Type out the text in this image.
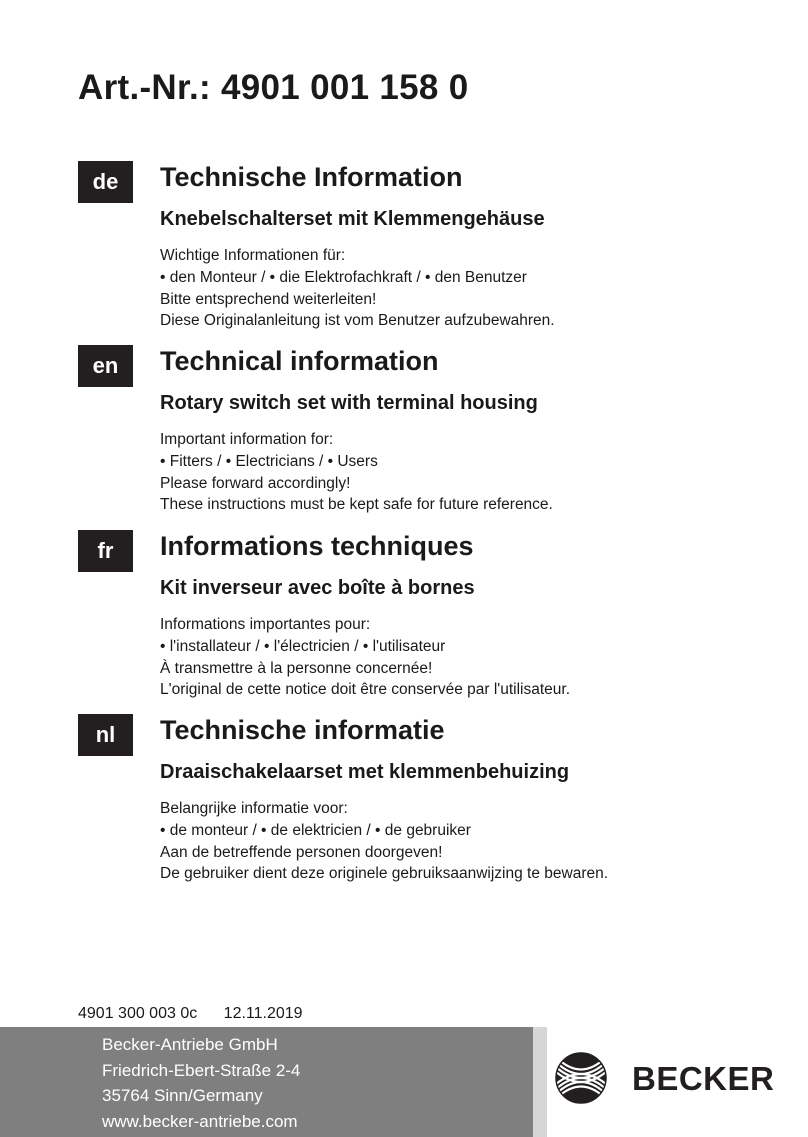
Art.-Nr.: 4901 001 158 0
de	Technische Information
Knebelschalterset mit Klemmengehäuse
Wichtige Informationen für:
• den Monteur / • die Elektrofachkraft / • den Benutzer
Bitte entsprechend weiterleiten!
Diese Originalanleitung ist vom Benutzer aufzubewahren.
en	Technical information
Rotary switch set with terminal housing
Important information for:
• Fitters / • Electricians / • Users
Please forward accordingly!
These instructions must be kept safe for future reference.
fr	Informations techniques
Kit inverseur avec boîte à bornes
Informations importantes pour:
• l'installateur / • l'électricien / • l'utilisateur
À transmettre à la personne concernée!
L'original de cette notice doit être conservée par l'utilisateur.
nl	Technische informatie
Draaischakelaarset met klemmenbehuizing
Belangrijke informatie voor:
• de monteur / • de elektricien / • de gebruiker
Aan de betreffende personen doorgeven!
De gebruiker dient deze originele gebruiksaanwijzing te bewaren.
4901 300 003 0c 12.11.2019
Becker-Antriebe GmbH
Friedrich-Ebert-Straße 2-4
35764 Sinn/Germany
www.becker-antriebe.com
BECKER
